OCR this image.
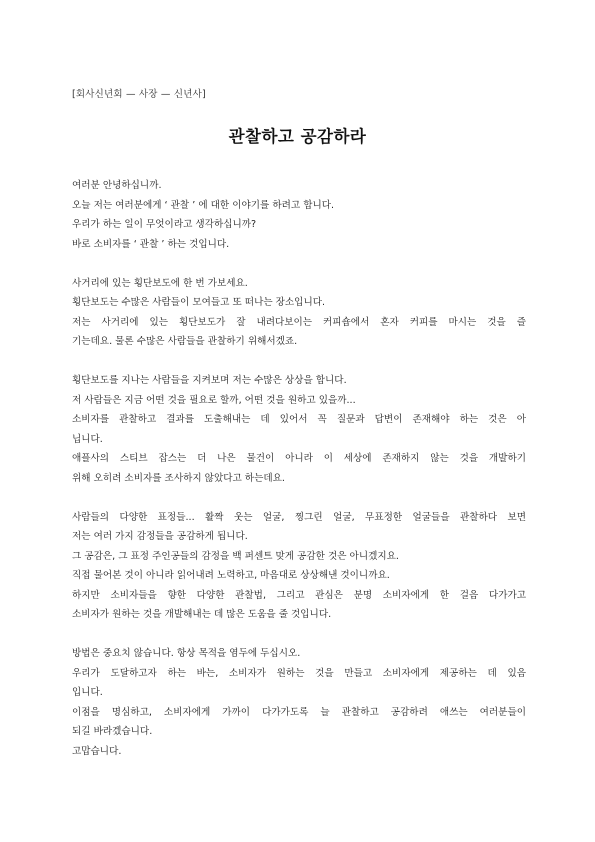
[회사신년회 — 사장 — 신년사]
관찰하고 공감하라
여러분 안녕하십니까.
오늘 저는 여러분에게 ‘ 관찰 ’ 에 대한 이야기를 하려고 합니다.
우리가 하는 일이 무엇이라고 생각하십니까?
바로 소비자를 ‘ 관찰 ’ 하는 것입니다.
사거리에 있는 횡단보도에 한 번 가보세요.
횡단보도는 수많은 사람들이 모여들고 또 떠나는 장소입니다.
저는 사거리에 있는 횡단보도가 잘 내려다보이는 커피숍에서 혼자 커피를 마시는 것을 즐
기는데요. 물론 수많은 사람들을 관찰하기 위해서겠죠.
횡단보도를 지나는 사람들을 지켜보며 저는 수많은 상상을 합니다.
저 사람들은 지금 어떤 것을 필요로 할까, 어떤 것을 원하고 있을까...
소비자를 관찰하고 결과를 도출해내는 데 있어서 꼭 질문과 답변이 존재해야 하는 것은 아
닙니다.
애플사의 스티브 잡스는 더 나은 물건이 아니라 이 세상에 존재하지 않는 것을 개발하기
위해 오히려 소비자를 조사하지 않았다고 하는데요.
사람들의 다양한 표정들... 활짝 웃는 얼굴, 찡그린 얼굴, 무표정한 얼굴들을 관찰하다 보면
저는 여러 가지 감정들을 공감하게 됩니다.
그 공감은, 그 표정 주인공들의 감정을 백 퍼센트 맞게 공감한 것은 아니겠지요.
직접 물어본 것이 아니라 읽어내려 노력하고, 마음대로 상상해낸 것이니까요.
하지만 소비자들을 향한 다양한 관찰법, 그리고 관심은 분명 소비자에게 한 걸음 다가가고
소비자가 원하는 것을 개발해내는 데 많은 도움을 줄 것입니다.
방법은 중요치 않습니다. 항상 목적을 염두에 두십시오.
우리가 도달하고자 하는 바는, 소비자가 원하는 것을 만들고 소비자에게 제공하는 데 있음
입니다.
이점을 명심하고, 소비자에게 가까이 다가가도록 늘 관찰하고 공감하려 애쓰는 여러분들이
되길 바라겠습니다.
고맙습니다.
